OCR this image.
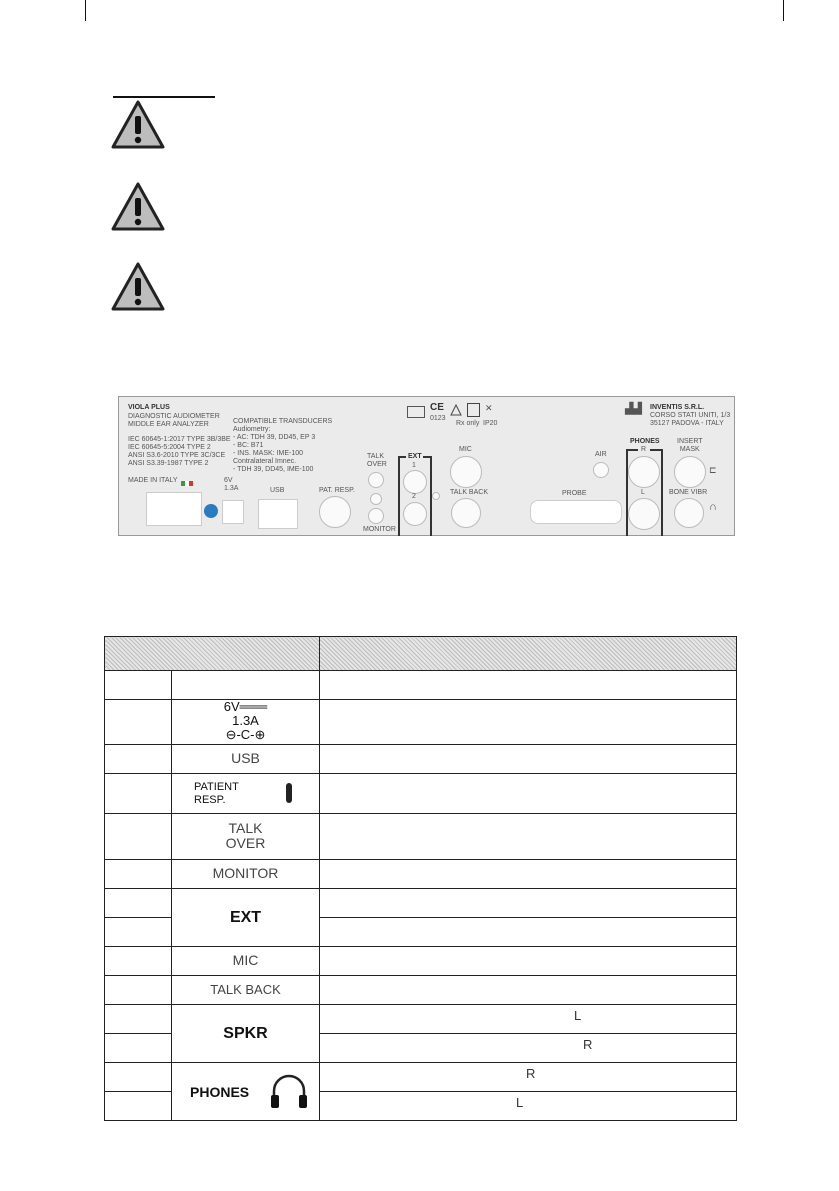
VIOLA PLUS
DIAGNOSTIC AUDIOMETER
MIDDLE EAR ANALYZER
IEC 60645-1:2017 TYPE 3B/3BE
IEC 60645-5:2004 TYPE 2
ANSI S3.6-2010 TYPE 3C/3CE
ANSI S3.39-1987 TYPE 2
MADE IN ITALY
COMPATIBLE TRANSDUCERS
Audiometry:
- AC: TDH 39, DD45, EP 3
- BC: B71
- INS. MASK: IME-100
Contralateral Imnec.
- TDH 39, DD45, IME-100
CE
0123
✕
Rx only IP20
▟▟ INVENTIS S.R.L.
CORSO STATI UNITI, 1/3
35127 PADOVA - ITALY
6V
1.3A	USB	PAT. RESP.
TALK
OVER
MONITOR
EXT
1
2
MIC
TALK BACK	PROBE
AIR
PHONES
R
L
INSERT
MASK
⊏
BONE VIBR
∩

	6V═══
1.3A
⊖-C-⊕	
	USB	

	PATIENT
RESP.	

	TALK
OVER	
	MONITOR	
	EXT	

	MIC	
	TALK BACK	
	SPKR	L

		R

	PHONES	R

		L
